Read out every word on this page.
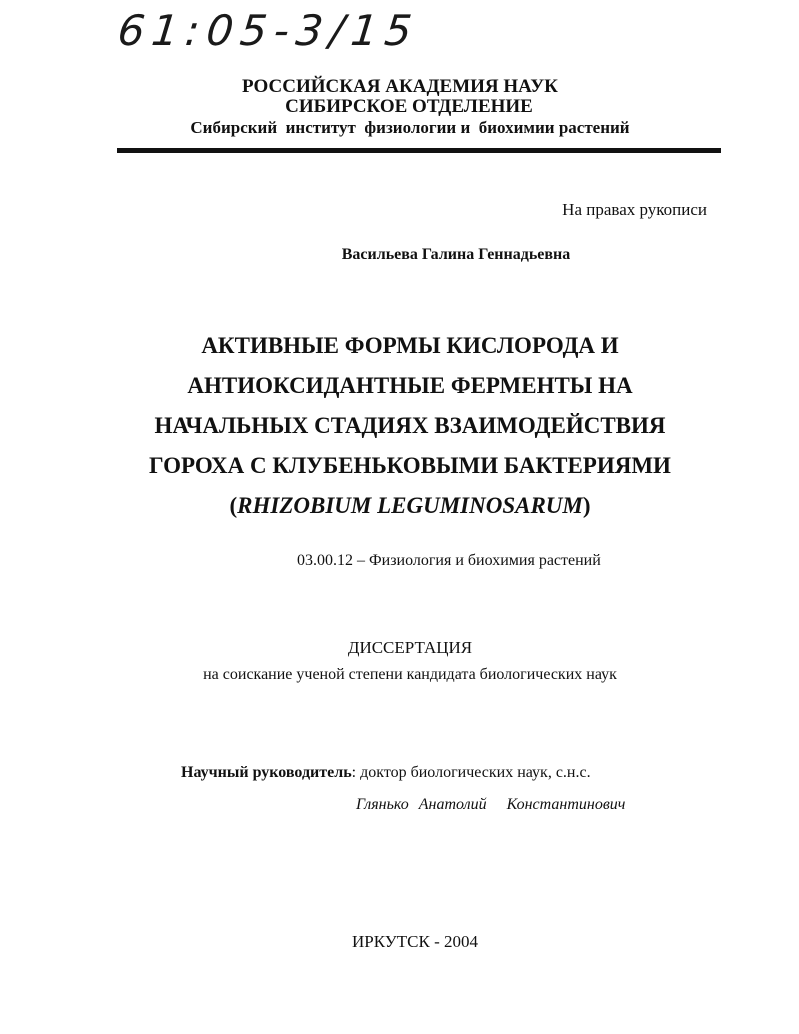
61:05-3/15
РОССИЙСКАЯ АКАДЕМИЯ НАУК
СИБИРСКОЕ ОТДЕЛЕНИЕ
Сибирский  институт  физиологии и  биохимии растений
На правах рукописи
Васильева Галина Геннадьевна
АКТИВНЫЕ ФОРМЫ КИСЛОРОДА И
АНТИОКСИДАНТНЫЕ ФЕРМЕНТЫ НА
НАЧАЛЬНЫХ СТАДИЯХ ВЗАИМОДЕЙСТВИЯ
ГОРОХА С КЛУБЕНЬКОВЫМИ БАКТЕРИЯМИ
(RHIZOBIUM LEGUMINOSARUM)
03.00.12 – Физиология и биохимия растений
ДИССЕРТАЦИЯ
на соискание ученой степени кандидата биологических наук
Научный руководитель: доктор биологических наук, с.н.с.
Глянько Анатолий  Константинович
ИРКУТСК - 2004
